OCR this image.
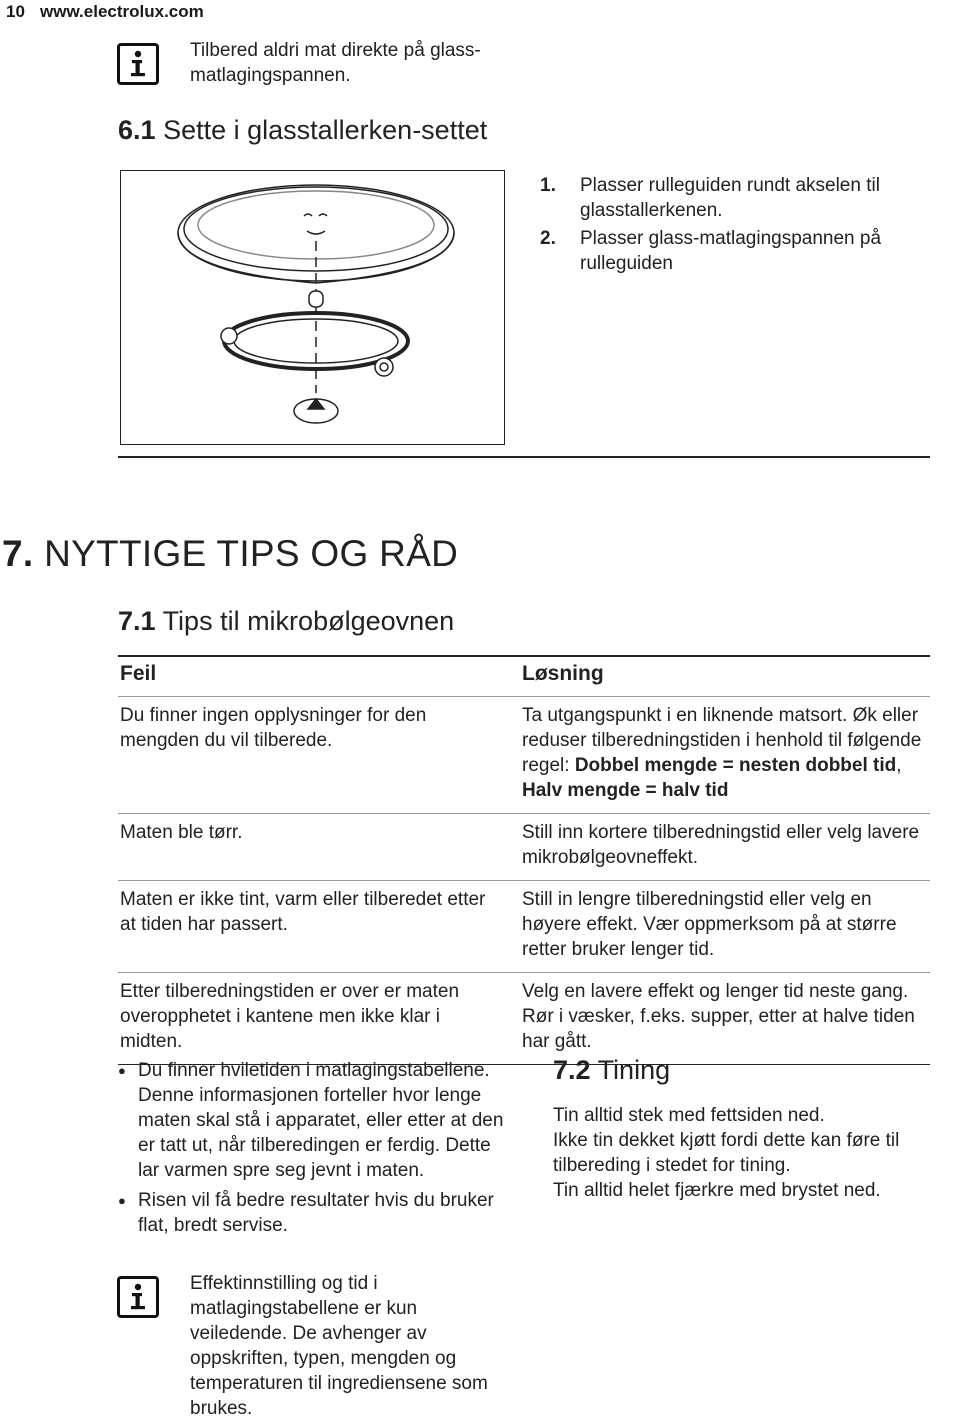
10 www.electrolux.com
Tilbered aldri mat direkte på glass-matlagingspannen.
6.1 Sette i glasstallerken-settet
1.	Plasser rulleguiden rundt akselen til glasstallerkenen.
2.	Plasser glass-matlagingspannen på rulleguiden
7. NYTTIGE TIPS OG RÅD
7.1 Tips til mikrobølgeovnen
Feil	Løsning
Du finner ingen opplysninger for den mengden du vil tilberede.	Ta utgangspunkt i en liknende matsort. Øk eller reduser tilberedningstiden i henhold til følgende regel: Dobbel mengde = nesten dobbel tid, Halv mengde = halv tid
Maten ble tørr.	Still inn kortere tilberedningstid eller velg lavere mikrobølgeovneffekt.
Maten er ikke tint, varm eller tilberedet etter at tiden har passert.	Still in lengre tilberedningstid eller velg en høyere effekt. Vær oppmerksom på at større retter bruker lenger tid.
Etter tilberedningstiden er over er maten overopphetet i kantene men ikke klar i midten.	Velg en lavere effekt og lenger tid neste gang. Rør i væsker, f.eks. supper, etter at halve tiden har gått.
● Du finner hviletiden i matlagingstabellene. Denne informasjonen forteller hvor lenge maten skal stå i apparatet, eller etter at den er tatt ut, når tilberedingen er ferdig. Dette lar varmen spre seg jevnt i maten.
● Risen vil få bedre resultater hvis du bruker flat, bredt servise.
Effektinnstilling og tid i matlagingstabellene er kun veiledende. De avhenger av oppskriften, typen, mengden og temperaturen til ingrediensene som brukes.
7.2 Tining
Tin alltid stek med fettsiden ned.
Ikke tin dekket kjøtt fordi dette kan føre til tilbereding i stedet for tining.
Tin alltid helet fjærkre med brystet ned.
